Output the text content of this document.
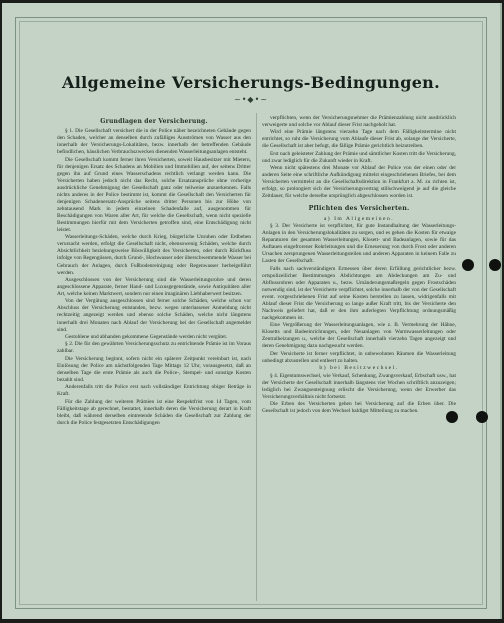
Allgemeine Versicherungs-Bedingungen.
~•◆•~
Grundlagen der Versicherung.

§ 1. Die Gesellschaft versichert die in der Police näher bezeichneten Gebäude gegen den Schaden, welcher an denselben durch zufälliges Ausströmen von Wasser aus den innerhalb der Versicherungs-Lokalitäten, bezw. innerhalb der betreffenden Gebäude befindlichen, häuslichen Verbrauchszwecken dienenden Wasserleitungsanlagen entsteht.

Die Gesellschaft kommt ferner ihren Versicherten, soweit Hausbesitzer mit Mietern, für denjenigen Ersatz des Schadens an Mobilien und Immobilien auf, der seitens Dritter gegen ihn auf Grund eines Wasserschadens rechtlich verlangt werden kann. Die Versicherten haben jedoch nicht das Recht, solche Ersatzansprüche ohne vorherige ausdrückliche Genehmigung der Gesellschaft ganz oder teilweise anzuerkennen. Falls nichts anderes in der Police bestimmt ist, kommt die Gesellschaft den Versicherten für denjenigen Schadenersatz-Ansprüche seitens dritter Personen bis zur Höhe von zehntausend Mark in jedem einzelnen Schadenfalle auf, ausgenommen für Beschädigungen von Waren aller Art, für welche die Gesellschaft, wenn nicht spezielle Bestimmungen hierfür mit dem Versicherten getroffen sind, eine Entschädigung nicht leistet.

Wasserleitungs-Schäden, welche durch Krieg, bürgerliche Unruhen oder Erdbeben verursacht werden, erfolgt die Gesellschaft nicht, ebensowenig Schäden, welche durch Absichtlichkeit beziehungsweise Böswilligkeit des Versicherten, oder durch Rückfluss infolge von Regengüssen, durch Grund-, Hochwasser oder überschwemmende Wasser bei Gebrauch der Anlagen, durch Fußbodenreinigung oder Regenwasser herbeigeführt werden.

Ausgeschlossen von der Versicherung sind die Wasserleitungsrohre und deren angeschlossene Apparate, ferner Hand- und Luxusgegenstände, sowie Antiquitäten aller Art, welche keinen Marktwert, sondern nur einen imaginären Liebhaberwert besitzen.

Von der Vergütung ausgeschlossen sind ferner solche Schäden, welche schon vor Abschluss der Versicherung entstanden, bezw. wegen unterlassener Anmeldung nicht rechtzeitig angezeigt werden und ebenso solche Schäden, welche nicht längstens innerhalb drei Monaten nach Ablauf der Versicherung bei der Gesellschaft angemeldet sind.

Gestohlene und abhanden gekommene Gegenstände werden nicht vergütet.

§ 2. Die für den gewährten Versicherungsschutz zu entrichtende Prämie ist im Voraus zahlbar.

Die Versicherung beginnt, sofern nicht ein späterer Zeitpunkt vereinbart ist, nach Einlösung der Police am nächstfolgenden Tage Mittags 12 Uhr, vorausgesetzt, daß an denselben Tage die erste Prämie als auch die Police-, Stempel- und sonstige Kosten bezahlt sind.

Anderenfalls tritt die Police erst nach vollständiger Entrichtung obiger Beträge in Kraft.

Für die Zahlung der weiteren Prämien ist eine Respektfrist von 14 Tagen, vom Fälligkeitstage ab gerechnet, bestattet, innerhalb deren die Versicherung derart in Kraft bleibt, daß während derselben eintretende Schäden die Gesellschaft zur Zahlung der durch die Police festgesetzten Entschädigungen

verpflichten, wenn der Versicherungsnehmer die Prämienzahlung nicht ausdrücklich verweigerte und solche vor Ablauf dieser Frist nachgeholt hat.

Wird eine Prämie längstens vierzehn Tage nach dem Fälligkeitstermine nicht entrichtet, so ruht die Versicherung vom Ablaufe dieser Frist ab, solange der Versicherte, die Gesellschaft ist aber befugt, die fällige Prämie gerichtlich beizutreiben.

Erst nach geleisteter Zahlung der Prämie und sämtlicher Kosten tritt die Versicherung, und zwar lediglich für die Zukunft wieder in Kraft.

Wenn nicht spätestens drei Monate vor Ablauf der Police von der einen oder der anderen Seite eine schriftliche Aufkündigung mittelst eingeschriebenen Briefes, bei dem Versicherten vermittelst an die Gesellschaftsdirektion in Frankfurt a. M. zu richten ist, erfolgt, so prolongiert sich der Versicherungsvertrag stillschweigend je auf die gleiche Zeitdauer, für welche derselbe ursprünglich abgeschlossen worden ist.

Pflichten des Versicherten.
a) Im Allgemeinen.

§ 3. Der Versicherte ist verpflichtet, für gute Instandhaltung der Wasserleitungs-Anlagen in den Versicherungslokalitäten zu sorgen, und es gehen die Kosten für etwaige Reparaturen der gesamten Wasserleitungen, Klosett- und Badeanlagen, sowie für das Auftauen eingefrorener Rohrleitungen und die Erneuerung von durch Frost oder anderen Ursachen zersprungenen Wasserleitungsteilen und anderen Apparaten in keinem Falle zu Lasten der Gesellschaft.

Falls nach sachverständigem Ermessen über deren Erfüllung gerichtlicher bezw. ortspolizeilicher Bestimmungen Abdichtungen am Abdeckungen am Zu- und Abflussrohren oder Apparaten u., bezw. Umänderungsmaßregeln gegen Frostschäden notwendig sind, ist der Versicherte verpflichtet, solche innerhalb der von der Gesellschaft event. vorgeschriebenen Frist auf seine Kosten herstellen zu lassen, widrigenfalls mit Ablauf dieser Frist die Versicherung so lange außer Kraft tritt, bis der Versicherte den Nachweis geliefert hat, daß er den ihm auferlegten Verpflichtung ordnungsmäßig nachgekommen ist.

Eine Vergrößerung der Wasserleitungsanlagen, wie z. B. Vermehrung der Hähne, Klosetts und Badeeinrichtungen, oder Neuanlagen von Warmwasserleitungen oder Zentralheizungen u., welche der Gesellschaft innerhalb vierzehn Tagen angezeigt und deren Genehmigung dazu nachgesucht werden.

Der Versicherte ist ferner verpflichtet, in unbewohnten Räumen die Wasserleitung unbedingt abzustellen und entleert zu halten.

b) bei Besitzwechsel.

§ 4. Eigentumswechsel, wie Verkauf, Schenkung, Zwangsverkauf, Erbschaft usw., hat der Versicherte der Gesellschaft innerhalb längstens vier Wochen schriftlich anzuzeigen; lediglich bei Zwangsenteignung erlischt die Versicherung, wenn der Erwerber das Versicherungsverhältnis nicht fortsetzt.

Die Erben des Versicherten gehen bei Versicherung auf die Erben über. Die Gesellschaft ist jedoch von dem Wechsel baldigst Mitteilung zu machen.
